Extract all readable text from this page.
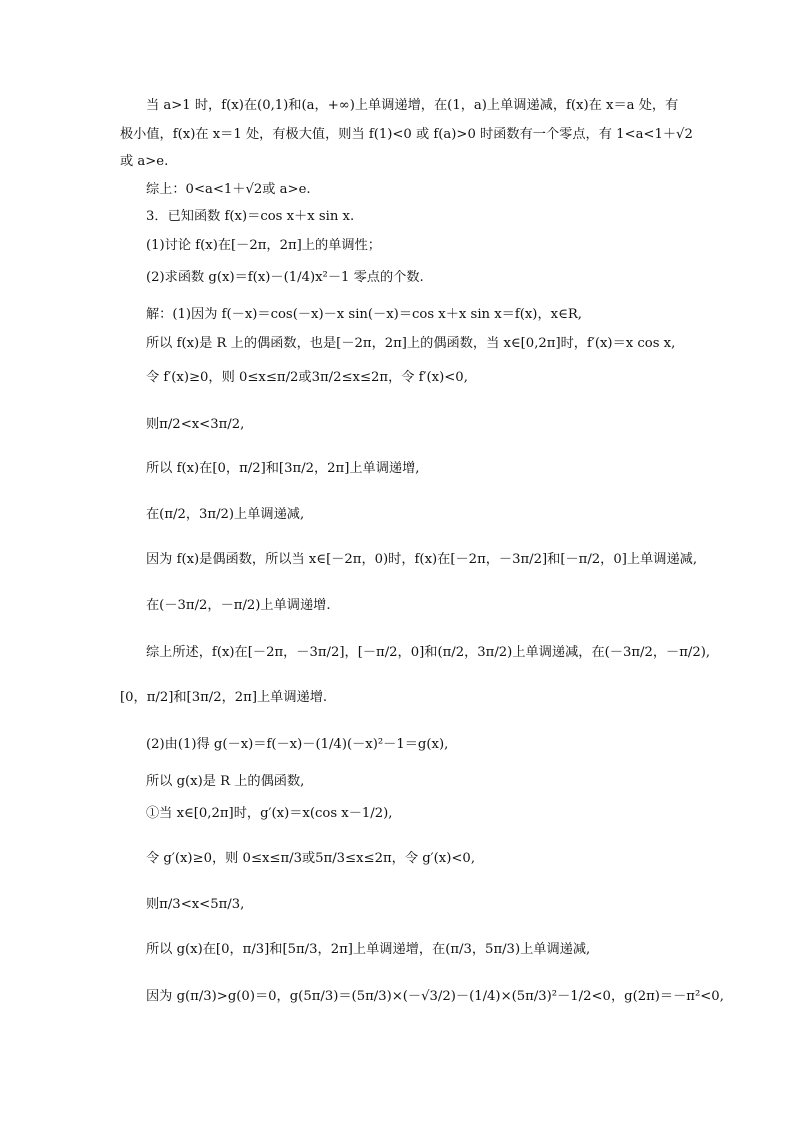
当 a>1 时，f(x)在(0,1)和(a，+∞)上单调递增，在(1，a)上单调递减，f(x)在 x＝a 处，有
极小值，f(x)在 x＝1 处，有极大值，则当 f(1)<0 或 f(a)>0 时函数有一个零点，有 1<a<1＋√2
或 a>e.
综上：0<a<1＋√2或 a>e.
3．已知函数 f(x)＝cos x＋x sin x.
(1)讨论 f(x)在[－2π，2π]上的单调性；
(2)求函数 g(x)＝f(x)－(1/4)x²－1 零点的个数.
解：(1)因为 f(－x)＝cos(－x)－x sin(－x)＝cos x＋x sin x＝f(x)，x∈R,
所以 f(x)是 R 上的偶函数，也是[－2π，2π]上的偶函数，当 x∈[0,2π]时，f′(x)＝x cos x,
令 f′(x)≥0，则 0≤x≤π/2或3π/2≤x≤2π，令 f′(x)<0,
则π/2<x<3π/2,
所以 f(x)在[0，π/2]和[3π/2，2π]上单调递增,
在(π/2，3π/2)上单调递减,
因为 f(x)是偶函数，所以当 x∈[－2π，0)时，f(x)在[－2π，－3π/2]和[－π/2，0]上单调递减,
在(－3π/2，－π/2)上单调递增.
综上所述，f(x)在[－2π，－3π/2]，[－π/2，0]和(π/2，3π/2)上单调递减，在(－3π/2，－π/2),
[0，π/2]和[3π/2，2π]上单调递增.
(2)由(1)得 g(－x)＝f(－x)－(1/4)(－x)²－1＝g(x),
所以 g(x)是 R 上的偶函数,
①当 x∈[0,2π]时，g′(x)＝x(cos x－1/2),
令 g′(x)≥0，则 0≤x≤π/3或5π/3≤x≤2π，令 g′(x)<0,
则π/3<x<5π/3,
所以 g(x)在[0，π/3]和[5π/3，2π]上单调递增，在(π/3，5π/3)上单调递减,
因为 g(π/3)>g(0)＝0，g(5π/3)＝(5π/3)×(－√3/2)－(1/4)×(5π/3)²－1/2<0，g(2π)＝－π²<0,
